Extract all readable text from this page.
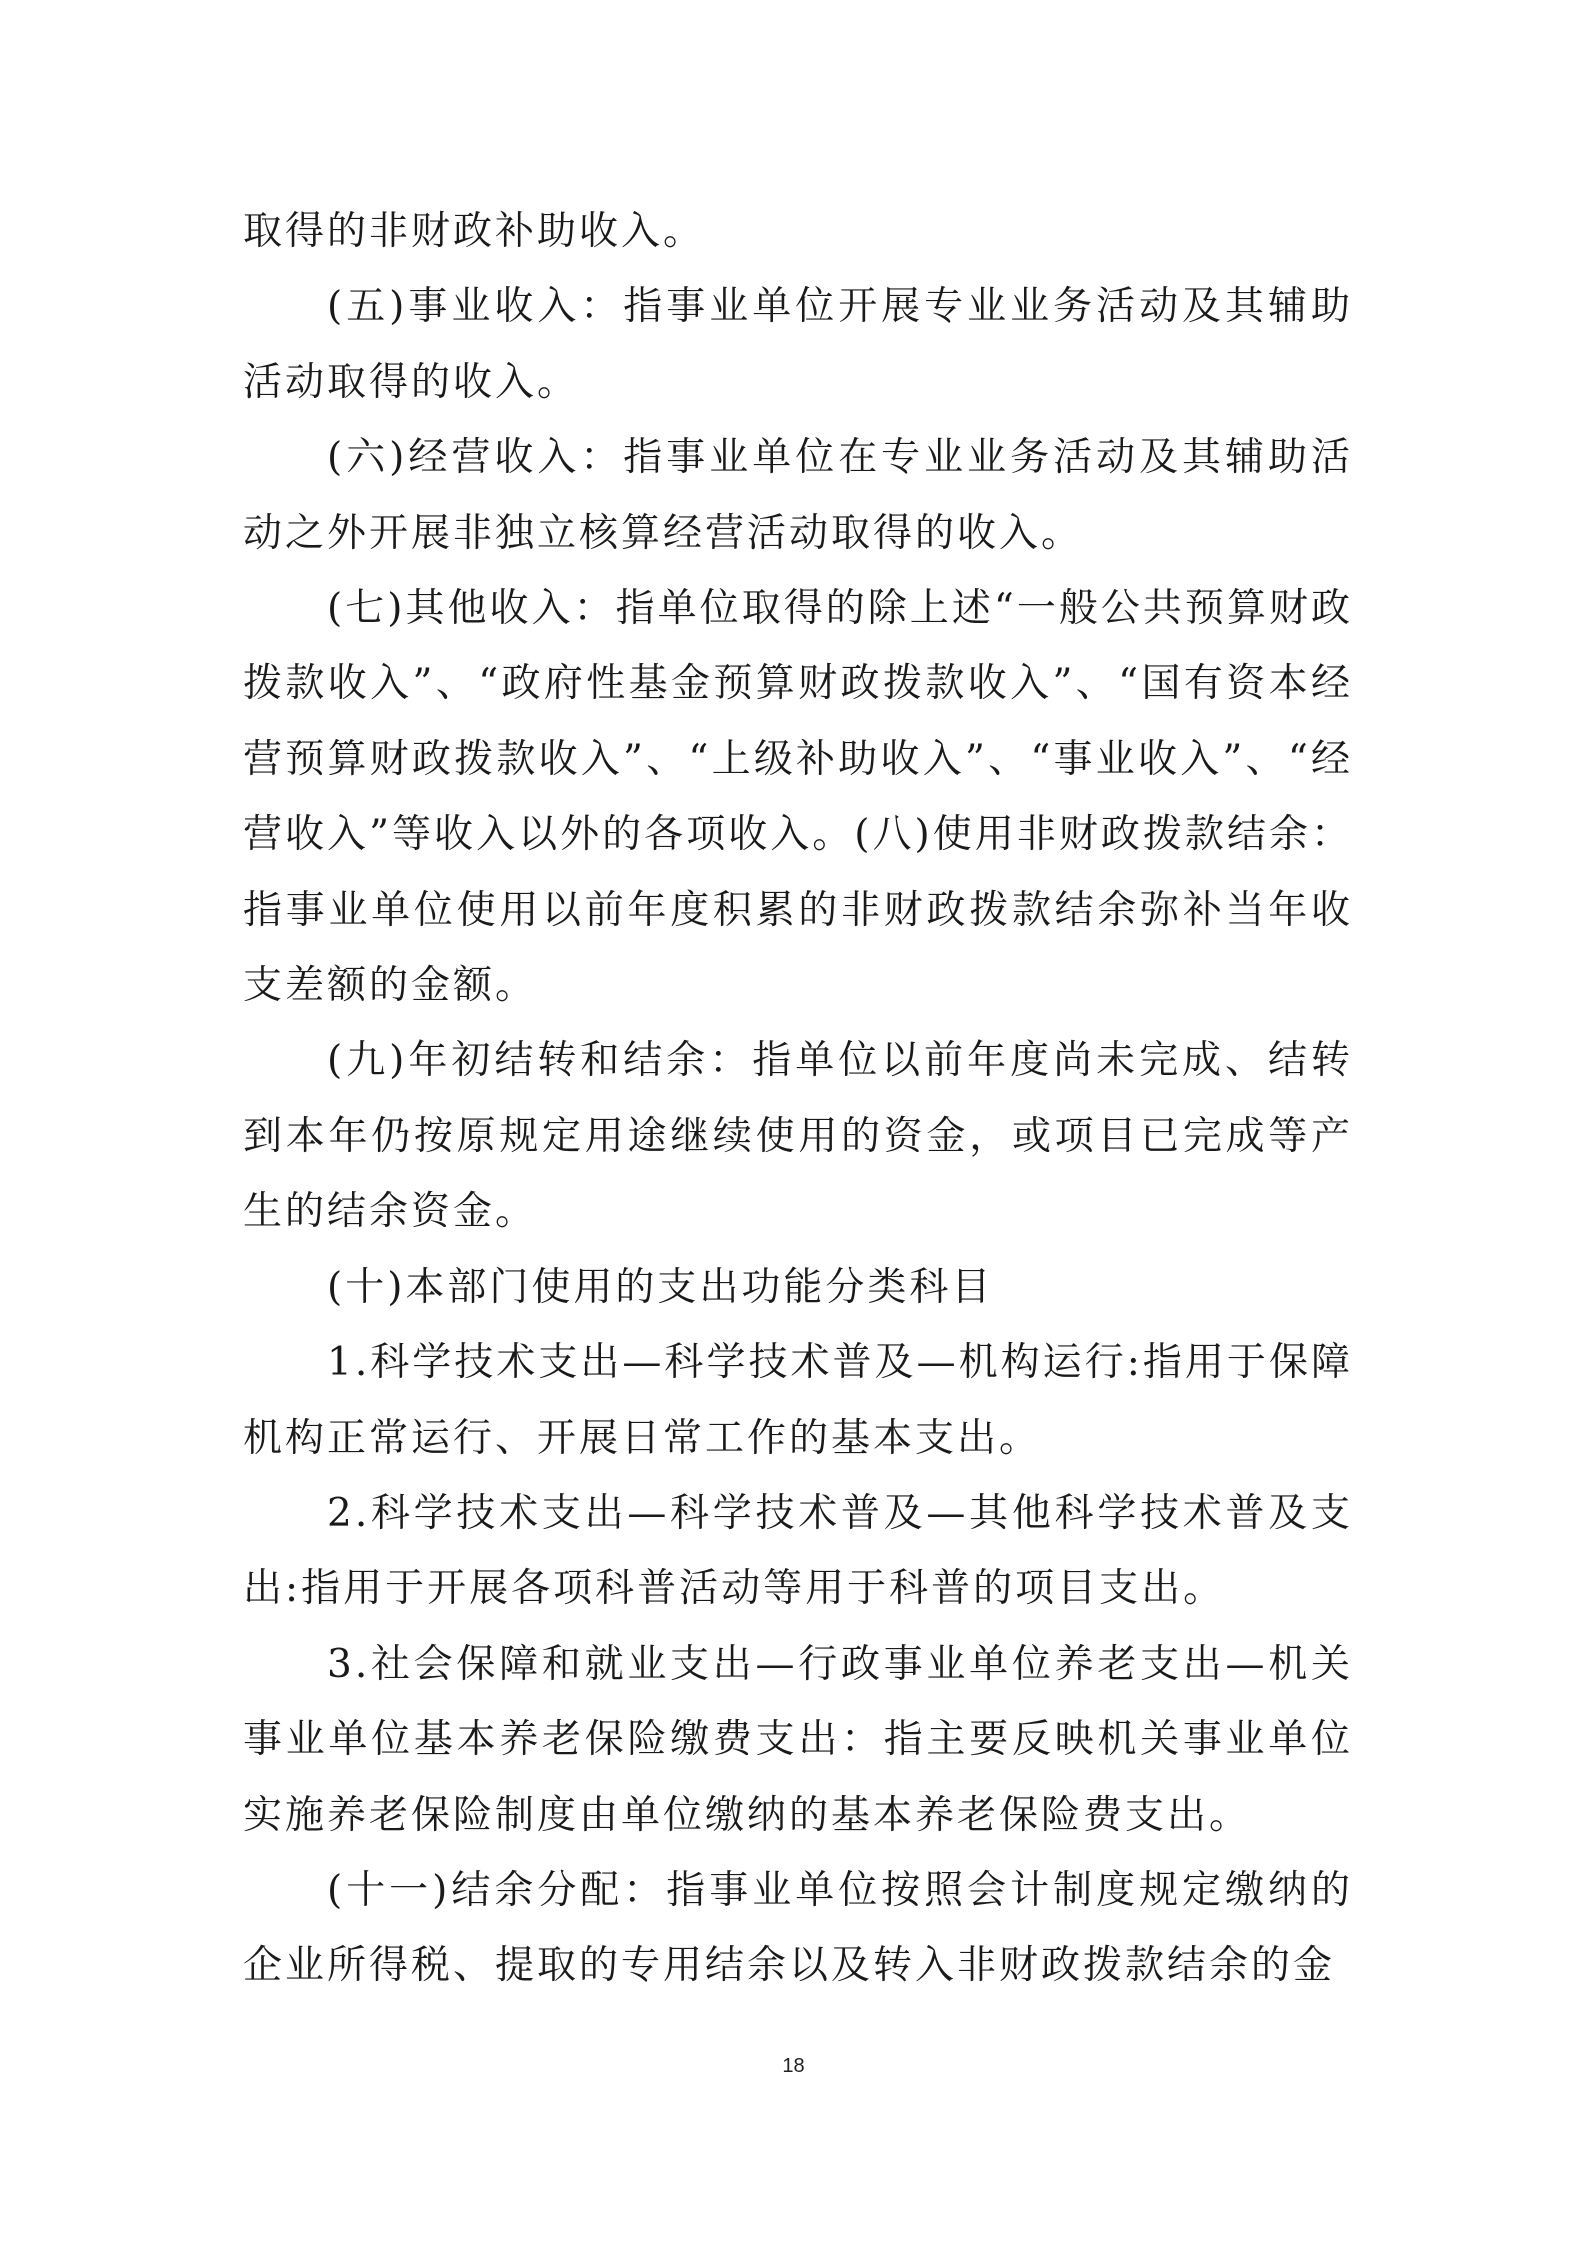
取得的非财政补助收入。

(五)事业收入：指事业单位开展专业业务活动及其辅助活动取得的收入。

(六)经营收入：指事业单位在专业业务活动及其辅助活动之外开展非独立核算经营活动取得的收入。

(七)其他收入：指单位取得的除上述“一般公共预算财政拨款收入”、“政府性基金预算财政拨款收入”、“国有资本经营预算财政拨款收入”、“上级补助收入”、“事业收入”、“经营收入”等收入以外的各项收入。(八)使用非财政拨款结余：指事业单位使用以前年度积累的非财政拨款结余弥补当年收支差额的金额。

(九)年初结转和结余：指单位以前年度尚未完成、结转到本年仍按原规定用途继续使用的资金，或项目已完成等产生的结余资金。

(十)本部门使用的支出功能分类科目

1.科学技术支出—科学技术普及—机构运行:指用于保障机构正常运行、开展日常工作的基本支出。

2.科学技术支出—科学技术普及—其他科学技术普及支出:指用于开展各项科普活动等用于科普的项目支出。

3.社会保障和就业支出—行政事业单位养老支出—机关事业单位基本养老保险缴费支出：指主要反映机关事业单位实施养老保险制度由单位缴纳的基本养老保险费支出。

(十一)结余分配：指事业单位按照会计制度规定缴纳的企业所得税、提取的专用结余以及转入非财政拨款结余的金

18
